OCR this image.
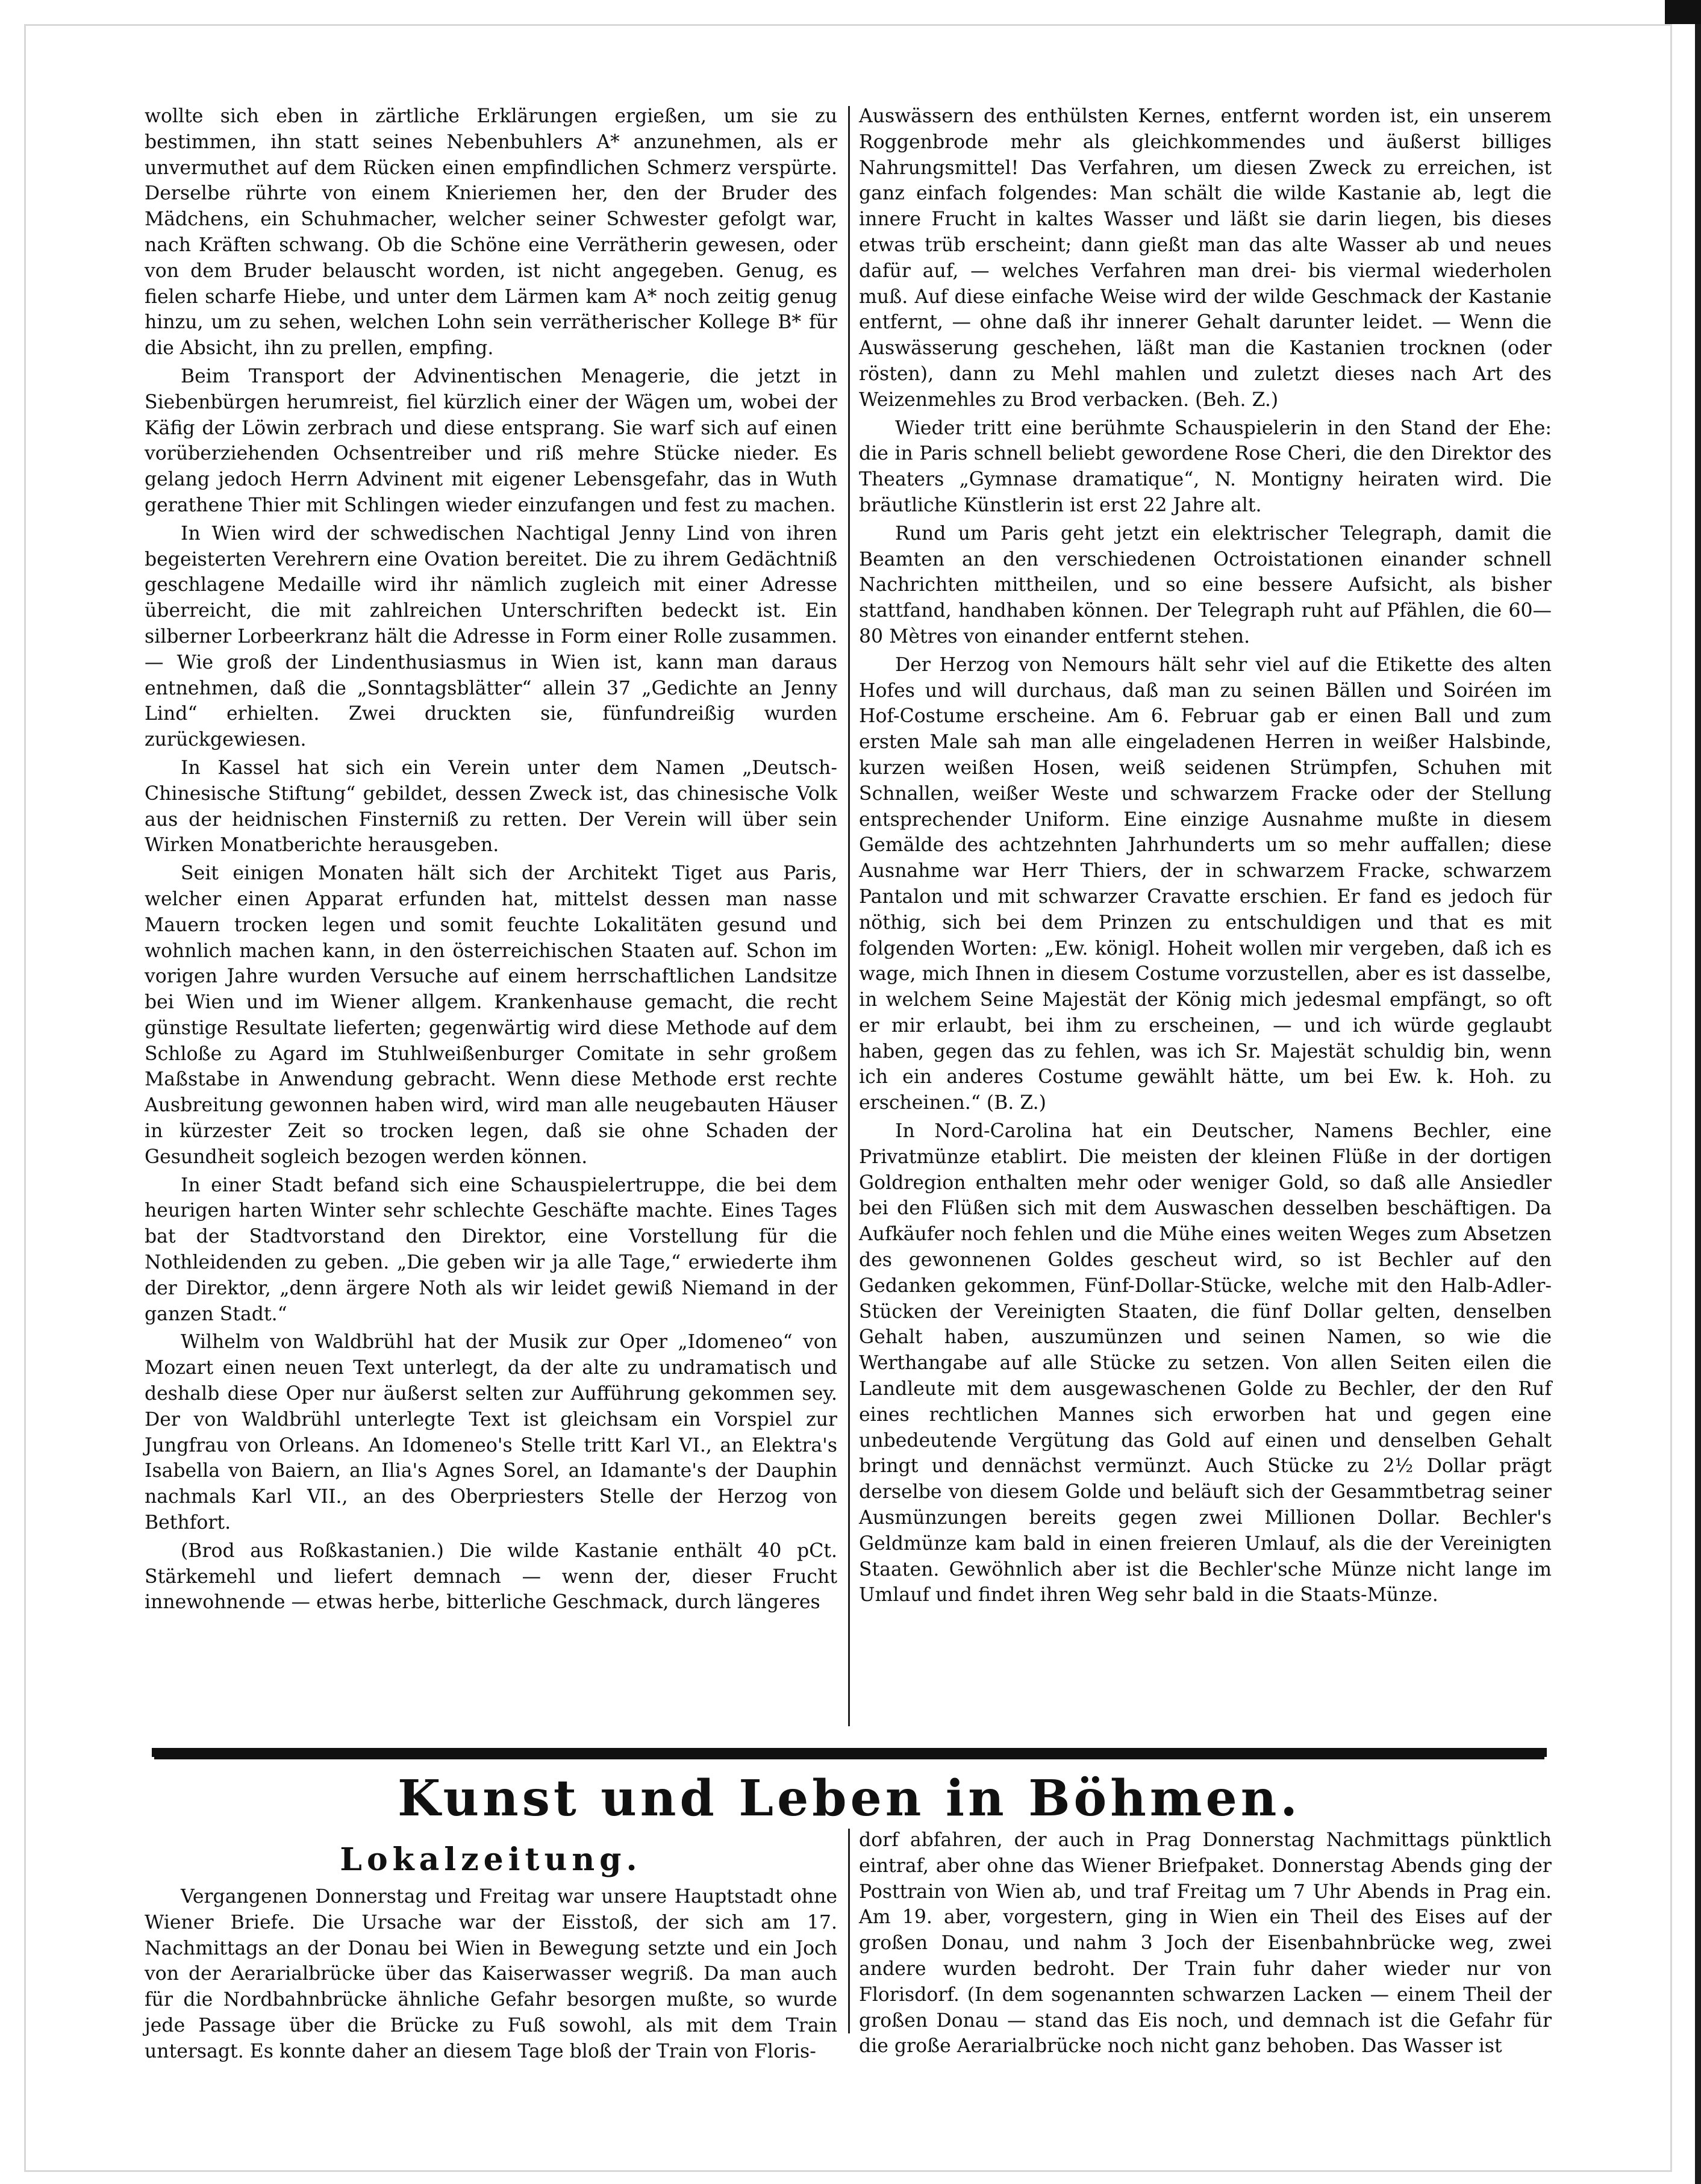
wollte sich eben in zärtliche Erklärungen ergießen, um sie zu bestimmen, ihn statt seines Nebenbuhlers A* anzunehmen, als er unvermuthet auf dem Rücken einen empfindlichen Schmerz verspürte. Derselbe rührte von einem Knieriemen her, den der Bruder des Mädchens, ein Schuhmacher, welcher seiner Schwester gefolgt war, nach Kräften schwang. Ob die Schöne eine Verrätherin gewesen, oder von dem Bruder belauscht worden, ist nicht angegeben. Genug, es fielen scharfe Hiebe, und unter dem Lärmen kam A* noch zeitig genug hinzu, um zu sehen, welchen Lohn sein verrätherischer Kollege B* für die Absicht, ihn zu prellen, empfing.

Beim Transport der Advinentischen Menagerie, die jetzt in Siebenbürgen herumreist, fiel kürzlich einer der Wägen um, wobei der Käfig der Löwin zerbrach und diese entsprang. Sie warf sich auf einen vorüberziehenden Ochsentreiber und riß mehre Stücke nieder. Es gelang jedoch Herrn Advinent mit eigener Lebensgefahr, das in Wuth gerathene Thier mit Schlingen wieder einzufangen und fest zu machen.

In Wien wird der schwedischen Nachtigal Jenny Lind von ihren begeisterten Verehrern eine Ovation bereitet. Die zu ihrem Gedächtniß geschlagene Medaille wird ihr nämlich zugleich mit einer Adresse überreicht, die mit zahlreichen Unterschriften bedeckt ist. Ein silberner Lorbeerkranz hält die Adresse in Form einer Rolle zusammen. — Wie groß der Lindenthusiasmus in Wien ist, kann man daraus entnehmen, daß die „Sonntagsblätter“ allein 37 „Gedichte an Jenny Lind“ erhielten. Zwei druckten sie, fünfundreißig wurden zurückgewiesen.

In Kassel hat sich ein Verein unter dem Namen „Deutsch-Chinesische Stiftung“ gebildet, dessen Zweck ist, das chinesische Volk aus der heidnischen Finsterniß zu retten. Der Verein will über sein Wirken Monatberichte herausgeben.

Seit einigen Monaten hält sich der Architekt Tiget aus Paris, welcher einen Apparat erfunden hat, mittelst dessen man nasse Mauern trocken legen und somit feuchte Lokalitäten gesund und wohnlich machen kann, in den österreichischen Staaten auf. Schon im vorigen Jahre wurden Versuche auf einem herrschaftlichen Landsitze bei Wien und im Wiener allgem. Krankenhause gemacht, die recht günstige Resultate lieferten; gegenwärtig wird diese Methode auf dem Schloße zu Agard im Stuhlweißenburger Comitate in sehr großem Maßstabe in Anwendung gebracht. Wenn diese Methode erst rechte Ausbreitung gewonnen haben wird, wird man alle neugebauten Häuser in kürzester Zeit so trocken legen, daß sie ohne Schaden der Gesundheit sogleich bezogen werden können.

In einer Stadt befand sich eine Schauspielertruppe, die bei dem heurigen harten Winter sehr schlechte Geschäfte machte. Eines Tages bat der Stadtvorstand den Direktor, eine Vorstellung für die Nothleidenden zu geben. „Die geben wir ja alle Tage,“ erwiederte ihm der Direktor, „denn ärgere Noth als wir leidet gewiß Niemand in der ganzen Stadt.“

Wilhelm von Waldbrühl hat der Musik zur Oper „Idomeneo“ von Mozart einen neuen Text unterlegt, da der alte zu undramatisch und deshalb diese Oper nur äußerst selten zur Aufführung gekommen sey. Der von Waldbrühl unterlegte Text ist gleichsam ein Vorspiel zur Jungfrau von Orleans. An Idomeneo's Stelle tritt Karl VI., an Elektra's Isabella von Baiern, an Ilia's Agnes Sorel, an Idamante's der Dauphin nachmals Karl VII., an des Oberpriesters Stelle der Herzog von Bethfort.

(Brod aus Roßkastanien.) Die wilde Kastanie enthält 40 pCt. Stärkemehl und liefert demnach — wenn der, dieser Frucht innewohnende — etwas herbe, bitterliche Geschmack, durch längeres

Auswässern des enthülsten Kernes, entfernt worden ist, ein unserem Roggenbrode mehr als gleichkommendes und äußerst billiges Nahrungsmittel! Das Verfahren, um diesen Zweck zu erreichen, ist ganz einfach folgendes: Man schält die wilde Kastanie ab, legt die innere Frucht in kaltes Wasser und läßt sie darin liegen, bis dieses etwas trüb erscheint; dann gießt man das alte Wasser ab und neues dafür auf, — welches Verfahren man drei- bis viermal wiederholen muß. Auf diese einfache Weise wird der wilde Geschmack der Kastanie entfernt, — ohne daß ihr innerer Gehalt darunter leidet. — Wenn die Auswässerung geschehen, läßt man die Kastanien trocknen (oder rösten), dann zu Mehl mahlen und zuletzt dieses nach Art des Weizenmehles zu Brod verbacken. (Beh. Z.)

Wieder tritt eine berühmte Schauspielerin in den Stand der Ehe: die in Paris schnell beliebt gewordene Rose Cheri, die den Direktor des Theaters „Gymnase dramatique“, N. Montigny heiraten wird. Die bräutliche Künstlerin ist erst 22 Jahre alt.

Rund um Paris geht jetzt ein elektrischer Telegraph, damit die Beamten an den verschiedenen Octroistationen einander schnell Nachrichten mittheilen, und so eine bessere Aufsicht, als bisher stattfand, handhaben können. Der Telegraph ruht auf Pfählen, die 60—80 Mètres von einander entfernt stehen.

Der Herzog von Nemours hält sehr viel auf die Etikette des alten Hofes und will durchaus, daß man zu seinen Bällen und Soiréen im Hof-Costume erscheine. Am 6. Februar gab er einen Ball und zum ersten Male sah man alle eingeladenen Herren in weißer Halsbinde, kurzen weißen Hosen, weiß seidenen Strümpfen, Schuhen mit Schnallen, weißer Weste und schwarzem Fracke oder der Stellung entsprechender Uniform. Eine einzige Ausnahme mußte in diesem Gemälde des achtzehnten Jahrhunderts um so mehr auffallen; diese Ausnahme war Herr Thiers, der in schwarzem Fracke, schwarzem Pantalon und mit schwarzer Cravatte erschien. Er fand es jedoch für nöthig, sich bei dem Prinzen zu entschuldigen und that es mit folgenden Worten: „Ew. königl. Hoheit wollen mir vergeben, daß ich es wage, mich Ihnen in diesem Costume vorzustellen, aber es ist dasselbe, in welchem Seine Majestät der König mich jedesmal empfängt, so oft er mir erlaubt, bei ihm zu erscheinen, — und ich würde geglaubt haben, gegen das zu fehlen, was ich Sr. Majestät schuldig bin, wenn ich ein anderes Costume gewählt hätte, um bei Ew. k. Hoh. zu erscheinen.“ (B. Z.)

In Nord-Carolina hat ein Deutscher, Namens Bechler, eine Privatmünze etablirt. Die meisten der kleinen Flüße in der dortigen Goldregion enthalten mehr oder weniger Gold, so daß alle Ansiedler bei den Flüßen sich mit dem Auswaschen desselben beschäftigen. Da Aufkäufer noch fehlen und die Mühe eines weiten Weges zum Absetzen des gewonnenen Goldes gescheut wird, so ist Bechler auf den Gedanken gekommen, Fünf-Dollar-Stücke, welche mit den Halb-Adler-Stücken der Vereinigten Staaten, die fünf Dollar gelten, denselben Gehalt haben, auszumünzen und seinen Namen, so wie die Werthangabe auf alle Stücke zu setzen. Von allen Seiten eilen die Landleute mit dem ausgewaschenen Golde zu Bechler, der den Ruf eines rechtlichen Mannes sich erworben hat und gegen eine unbedeutende Vergütung das Gold auf einen und denselben Gehalt bringt und dennächst vermünzt. Auch Stücke zu 2½ Dollar prägt derselbe von diesem Golde und beläuft sich der Gesammtbetrag seiner Ausmünzungen bereits gegen zwei Millionen Dollar. Bechler's Geldmünze kam bald in einen freieren Umlauf, als die der Vereinigten Staaten. Gewöhnlich aber ist die Bechler'sche Münze nicht lange im Umlauf und findet ihren Weg sehr bald in die Staats-Münze.

Kunst und Leben in Böhmen.
Lokalzeitung.

Vergangenen Donnerstag und Freitag war unsere Hauptstadt ohne Wiener Briefe. Die Ursache war der Eisstoß, der sich am 17. Nachmittags an der Donau bei Wien in Bewegung setzte und ein Joch von der Aerarialbrücke über das Kaiserwasser wegriß. Da man auch für die Nordbahnbrücke ähnliche Gefahr besorgen mußte, so wurde jede Passage über die Brücke zu Fuß sowohl, als mit dem Train untersagt. Es konnte daher an diesem Tage bloß der Train von Floris-

dorf abfahren, der auch in Prag Donnerstag Nachmittags pünktlich eintraf, aber ohne das Wiener Briefpaket. Donnerstag Abends ging der Posttrain von Wien ab, und traf Freitag um 7 Uhr Abends in Prag ein. Am 19. aber, vorgestern, ging in Wien ein Theil des Eises auf der großen Donau, und nahm 3 Joch der Eisenbahnbrücke weg, zwei andere wurden bedroht. Der Train fuhr daher wieder nur von Florisdorf. (In dem sogenannten schwarzen Lacken — einem Theil der großen Donau — stand das Eis noch, und demnach ist die Gefahr für die große Aerarialbrücke noch nicht ganz behoben. Das Wasser ist
